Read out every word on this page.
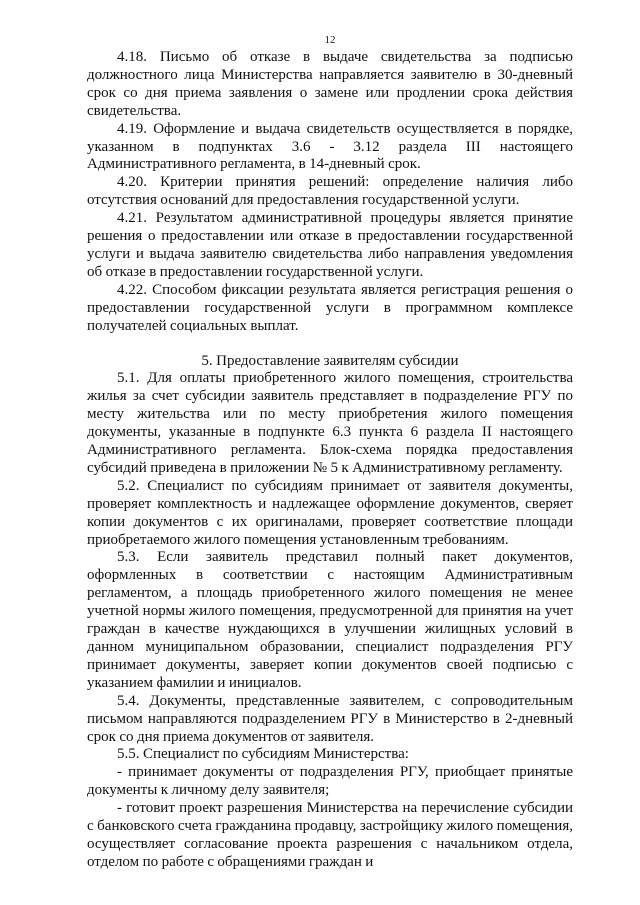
12

4.18. Письмо об отказе в выдаче свидетельства за подписью должностного лица Министерства направляется заявителю в 30-дневный срок со дня приема заявления о замене или продлении срока действия свидетельства.

4.19. Оформление и выдача свидетельств осуществляется в порядке, указанном в подпунктах 3.6 - 3.12 раздела III настоящего Административного регламента, в 14-дневный срок.

4.20. Критерии принятия решений: определение наличия либо отсутствия оснований для предоставления государственной услуги.

4.21. Результатом административной процедуры является принятие решения о предоставлении или отказе в предоставлении государственной услуги и выдача заявителю свидетельства либо направления уведомления об отказе в предоставлении государственной услуги.

4.22. Способом фиксации результата является регистрация решения о предоставлении государственной услуги в программном комплексе получателей социальных выплат.

5. Предоставление заявителям субсидии

5.1. Для оплаты приобретенного жилого помещения, строительства жилья за счет субсидии заявитель представляет в подразделение РГУ по месту жительства или по месту приобретения жилого помещения документы, указанные в подпункте 6.3 пункта 6 раздела II настоящего Административного регламента. Блок-схема порядка предоставления субсидий приведена в приложении № 5 к Административному регламенту.

5.2. Специалист по субсидиям принимает от заявителя документы, проверяет комплектность и надлежащее оформление документов, сверяет копии документов с их оригиналами, проверяет соответствие площади приобретаемого жилого помещения установленным требованиям.

5.3. Если заявитель представил полный пакет документов, оформленных в соответствии с настоящим Административным регламентом, а площадь приобретенного жилого помещения не менее учетной нормы жилого помещения, предусмотренной для принятия на учет граждан в качестве нуждающихся в улучшении жилищных условий в данном муниципальном образовании, специалист подразделения РГУ принимает документы, заверяет копии документов своей подписью с указанием фамилии и инициалов.

5.4. Документы, представленные заявителем, с сопроводительным письмом направляются подразделением РГУ в Министерство в 2-дневный срок со дня приема документов от заявителя.

5.5. Специалист по субсидиям Министерства:

- принимает документы от подразделения РГУ, приобщает принятые документы к личному делу заявителя;

- готовит проект разрешения Министерства на перечисление субсидии с банковского счета гражданина продавцу, застройщику жилого помещения, осуществляет согласование проекта разрешения с начальником отдела, отделом по работе с обращениями граждан и
